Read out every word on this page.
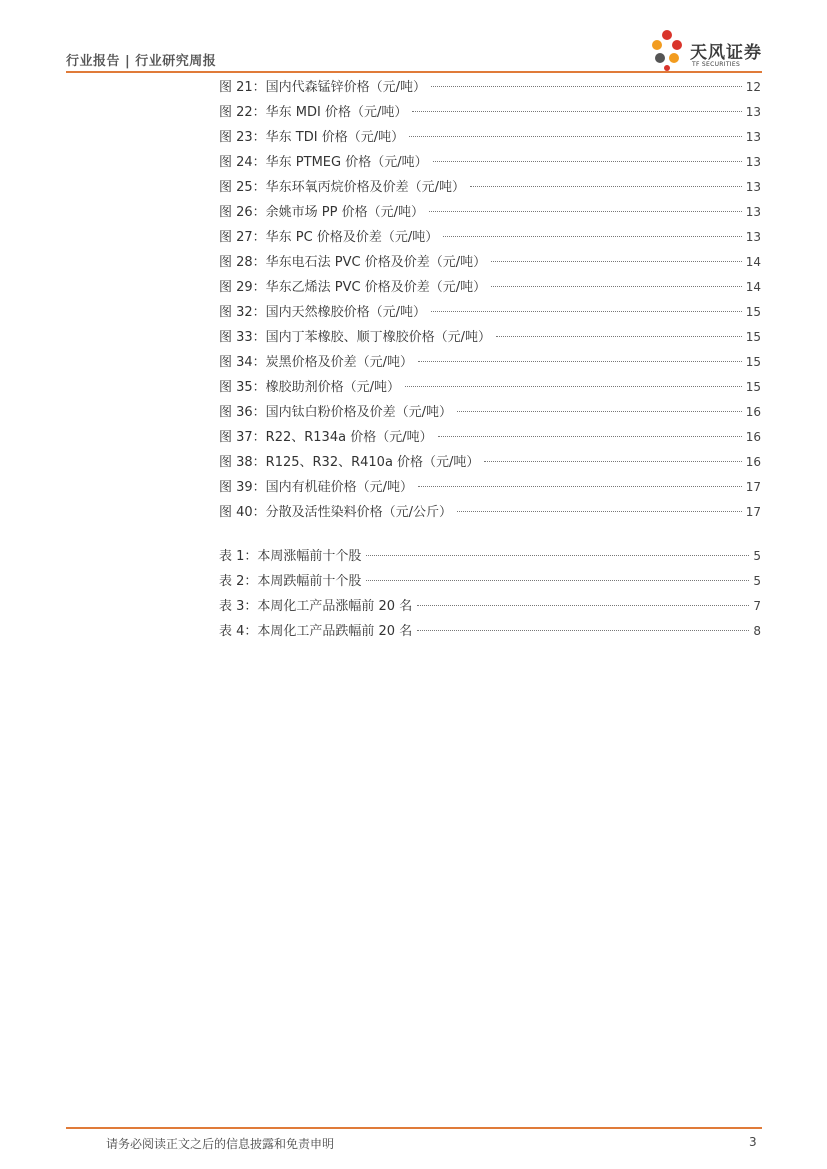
行业报告 | 行业研究周报	天风证券
TF SECURITIES
图 21：国内代森锰锌价格（元/吨）	12
图 22：华东 MDI 价格（元/吨）	13
图 23：华东 TDI 价格（元/吨）	13
图 24：华东 PTMEG 价格（元/吨）	13
图 25：华东环氧丙烷价格及价差（元/吨）	13
图 26：余姚市场 PP 价格（元/吨）	13
图 27：华东 PC 价格及价差（元/吨）	13
图 28：华东电石法 PVC 价格及价差（元/吨）	14
图 29：华东乙烯法 PVC 价格及价差（元/吨）	14
图 32：国内天然橡胶价格（元/吨）	15
图 33：国内丁苯橡胶、顺丁橡胶价格（元/吨）	15
图 34：炭黑价格及价差（元/吨）	15
图 35：橡胶助剂价格（元/吨）	15
图 36：国内钛白粉价格及价差（元/吨）	16
图 37：R22、R134a 价格（元/吨）	16
图 38：R125、R32、R410a 价格（元/吨）	16
图 39：国内有机硅价格（元/吨）	17
图 40：分散及活性染料价格（元/公斤）	17
表 1：本周涨幅前十个股	5
表 2：本周跌幅前十个股	5
表 3：本周化工产品涨幅前 20 名	7
表 4：本周化工产品跌幅前 20 名	8
请务必阅读正文之后的信息披露和免责申明	3
